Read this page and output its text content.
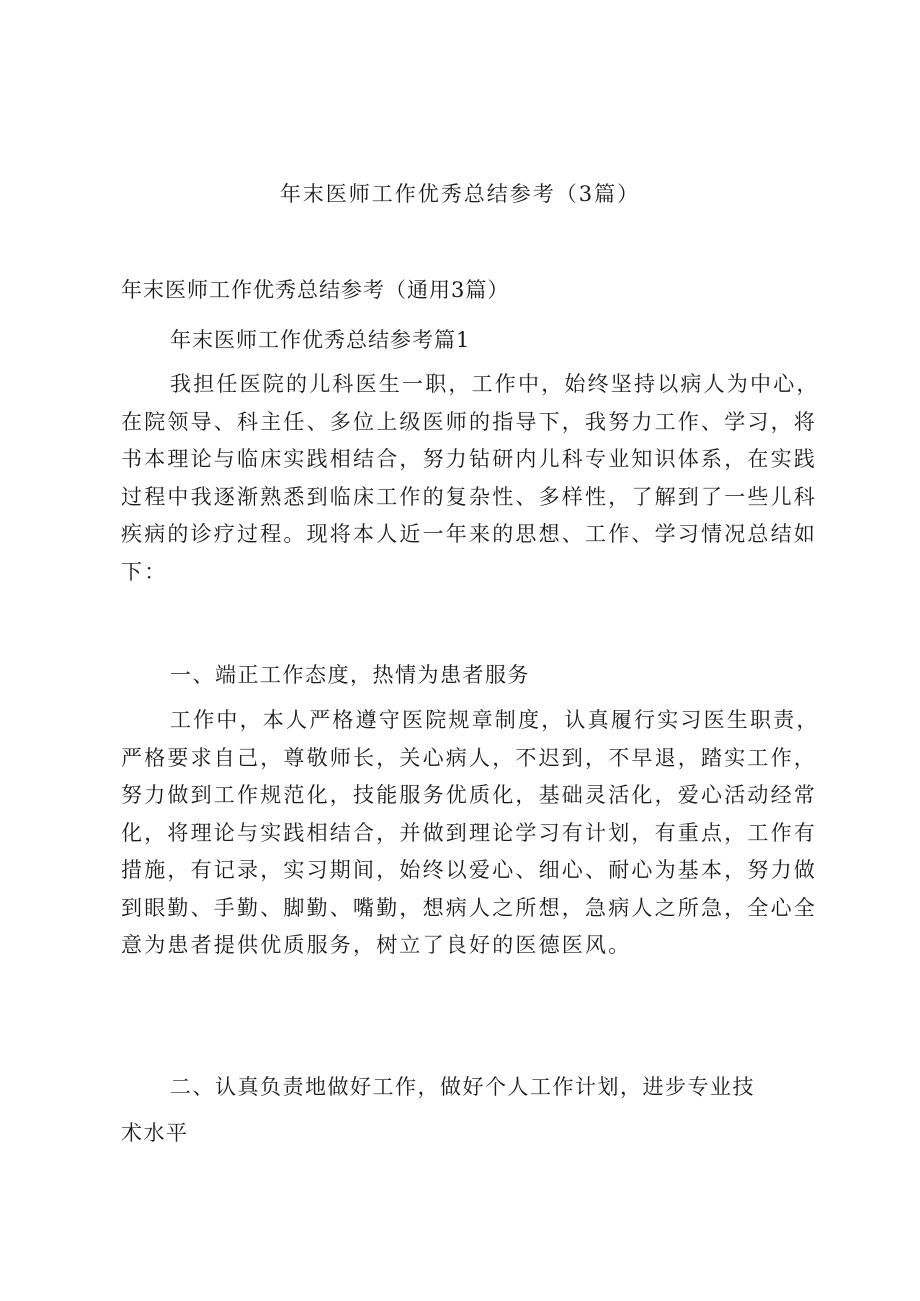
年末医师工作优秀总结参考（3篇）
年末医师工作优秀总结参考（通用3篇）
年末医师工作优秀总结参考篇1
我担任医院的儿科医生一职，工作中，始终坚持以病人为中心，
在院领导、科主任、多位上级医师的指导下，我努力工作、学习，将
书本理论与临床实践相结合，努力钻研内儿科专业知识体系，在实践
过程中我逐渐熟悉到临床工作的复杂性、多样性，了解到了一些儿科
疾病的诊疗过程。现将本人近一年来的思想、工作、学习情况总结如
下：
一、端正工作态度，热情为患者服务
工作中，本人严格遵守医院规章制度，认真履行实习医生职责，
严格要求自己，尊敬师长，关心病人，不迟到，不早退，踏实工作，
努力做到工作规范化，技能服务优质化，基础灵活化，爱心活动经常
化，将理论与实践相结合，并做到理论学习有计划，有重点，工作有
措施，有记录，实习期间，始终以爱心、细心、耐心为基本，努力做
到眼勤、手勤、脚勤、嘴勤，想病人之所想，急病人之所急，全心全
意为患者提供优质服务，树立了良好的医德医风。
二、认真负责地做好工作，做好个人工作计划，进步专业技
术水平
